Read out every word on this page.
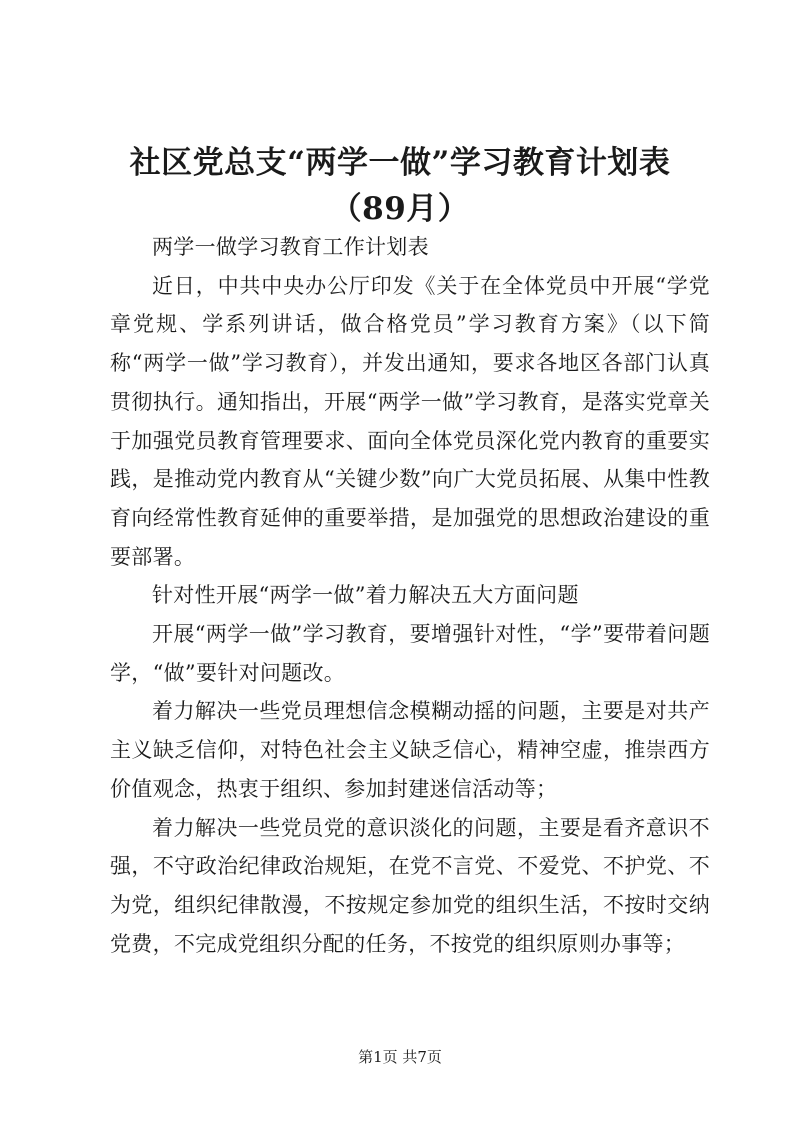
社区党总支“两学一做”学习教育计划表（89月）

两学一做学习教育工作计划表

近日，中共中央办公厅印发《关于在全体党员中开展“学党章党规、学系列讲话，做合格党员”学习教育方案》（以下简称“两学一做”学习教育），并发出通知，要求各地区各部门认真贯彻执行。通知指出，开展“两学一做”学习教育，是落实党章关于加强党员教育管理要求、面向全体党员深化党内教育的重要实践，是推动党内教育从“关键少数”向广大党员拓展、从集中性教育向经常性教育延伸的重要举措，是加强党的思想政治建设的重要部署。

针对性开展“两学一做”着力解决五大方面问题

开展“两学一做”学习教育，要增强针对性，“学”要带着问题学，“做”要针对问题改。

着力解决一些党员理想信念模糊动摇的问题，主要是对共产主义缺乏信仰，对特色社会主义缺乏信心，精神空虚，推崇西方价值观念，热衷于组织、参加封建迷信活动等；

着力解决一些党员党的意识淡化的问题，主要是看齐意识不强，不守政治纪律政治规矩，在党不言党、不爱党、不护党、不为党，组织纪律散漫，不按规定参加党的组织生活，不按时交纳党费，不完成党组织分配的任务，不按党的组织原则办事等；

第1页 共7页
